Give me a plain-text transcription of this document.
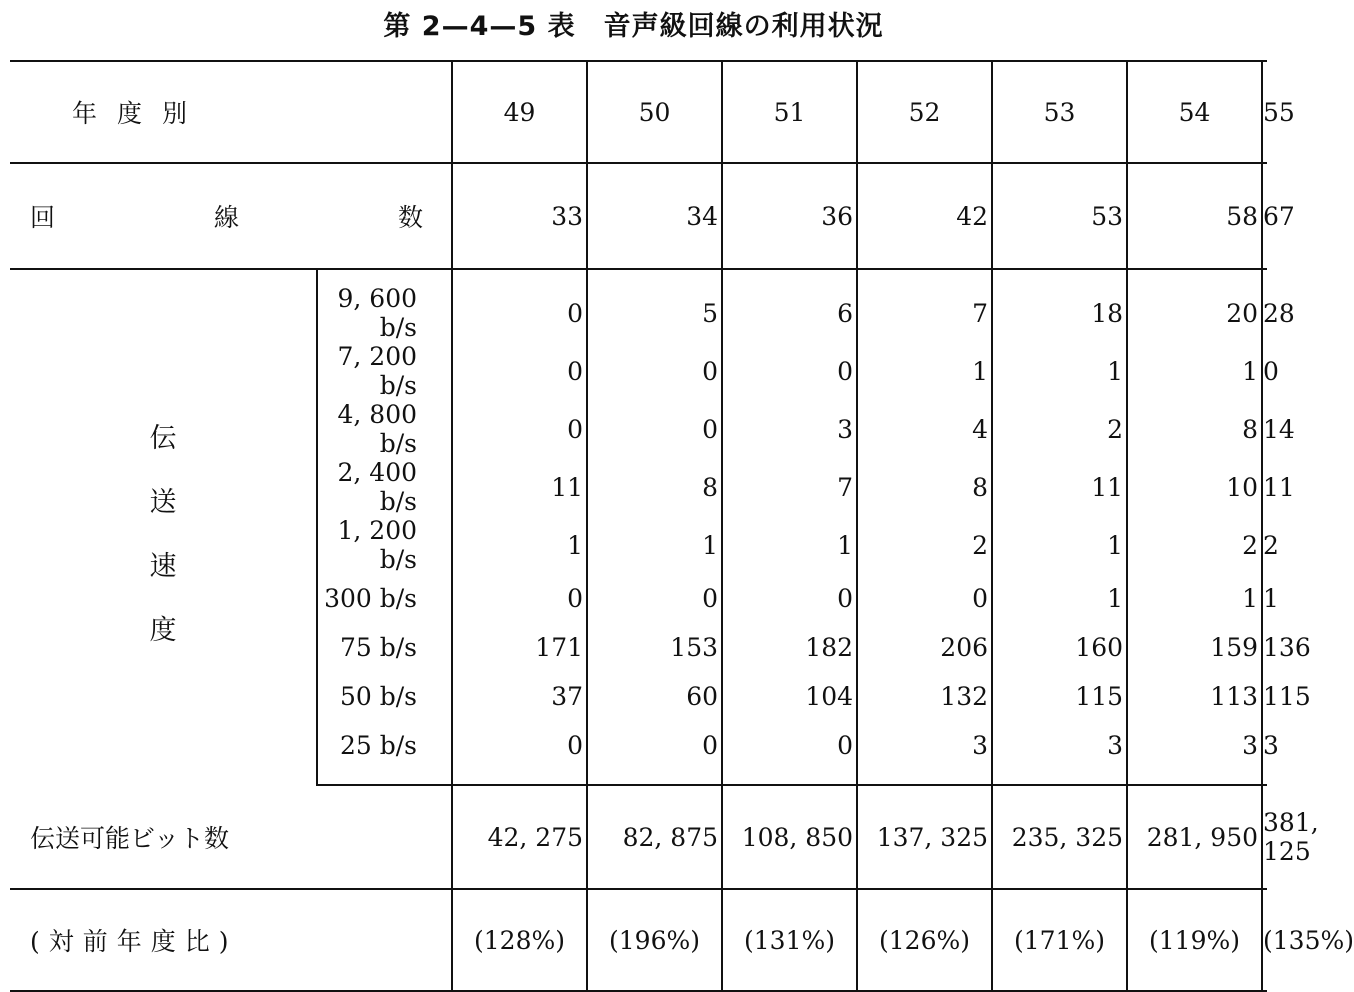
第 2—4—5 表　音声級回線の利用状況
年度別		49	50	51	52	53	54	55

回 線 数		33	34	36	42	53	58	67

伝
送
速
度	9, 600 b/s	0	5	6	7	18	20	28
	7, 200 b/s	0	0	0	1	1	1	0
	4, 800 b/s	0	0	3	4	2	8	14
	2, 400 b/s	11	8	7	8	11	10	11
	1, 200 b/s	1	1	1	2	1	2	2
	300 b/s	0	0	0	0	1	1	1
	75 b/s	171	153	182	206	160	159	136
	50 b/s	37	60	104	132	115	113	115
	25 b/s	0	0	0	3	3	3	3

伝送可能ビット数		42, 275	82, 875	108, 850	137, 325	235, 325	281, 950	381, 125

(対前年度比)		(128%)	(196%)	(131%)	(126%)	(171%)	(119%)	(135%)
